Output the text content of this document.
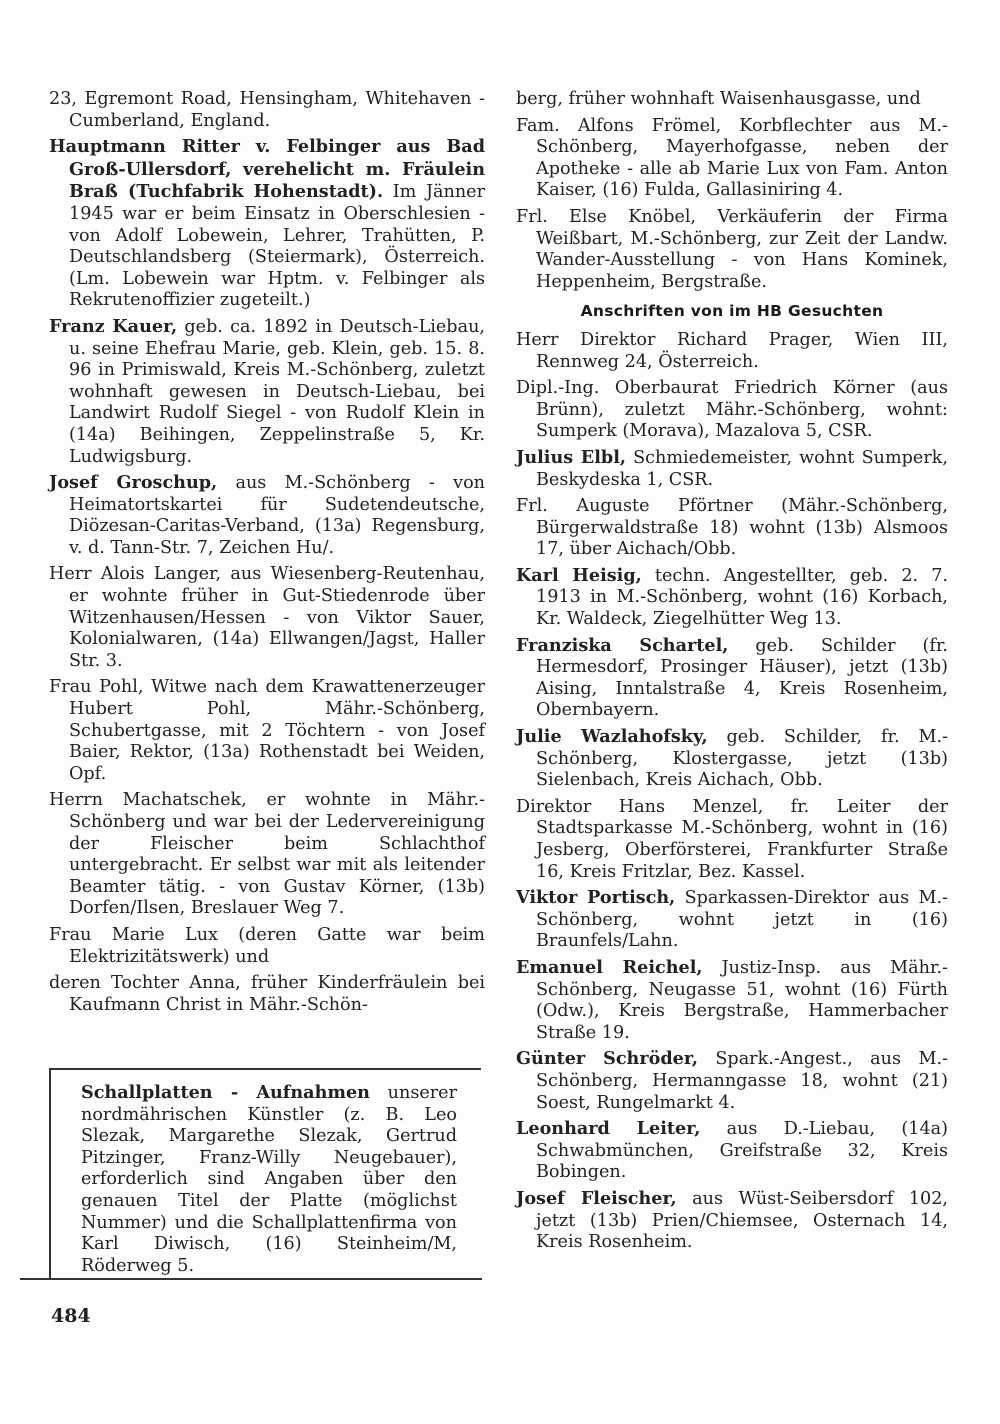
23, Egremont Road, Hensingham, Whitehaven - Cumberland, England.

Hauptmann Ritter v. Felbinger aus Bad Groß-Ullersdorf, verehelicht m. Fräulein Braß (Tuchfabrik Hohenstadt). Im Jänner 1945 war er beim Einsatz in Oberschlesien - von Adolf Lobewein, Lehrer, Trahütten, P. Deutschlandsberg (Steiermark), Österreich. (Lm. Lobewein war Hptm. v. Felbinger als Rekrutenoffizier zugeteilt.)

Franz Kauer, geb. ca. 1892 in Deutsch-Liebau, u. seine Ehefrau Marie, geb. Klein, geb. 15. 8. 96 in Primiswald, Kreis M.-Schönberg, zuletzt wohnhaft gewesen in Deutsch-Liebau, bei Landwirt Rudolf Siegel - von Rudolf Klein in (14a) Beihingen, Zeppelinstraße 5, Kr. Ludwigsburg.

Josef Groschup, aus M.-Schönberg - von Heimatortskartei für Sudetendeutsche, Diözesan-Caritas-Verband, (13a) Regensburg, v. d. Tann-Str. 7, Zeichen Hu/.

Herr Alois Langer, aus Wiesenberg-Reutenhau, er wohnte früher in Gut-Stiedenrode über Witzenhausen/Hessen - von Viktor Sauer, Kolonialwaren, (14a) Ellwangen/Jagst, Haller Str. 3.

Frau Pohl, Witwe nach dem Krawattenerzeuger Hubert Pohl, Mähr.-Schönberg, Schubertgasse, mit 2 Töchtern - von Josef Baier, Rektor, (13a) Rothenstadt bei Weiden, Opf.

Herrn Machatschek, er wohnte in Mähr.-Schönberg und war bei der Ledervereinigung der Fleischer beim Schlachthof untergebracht. Er selbst war mit als leitender Beamter tätig. - von Gustav Körner, (13b) Dorfen/Ilsen, Breslauer Weg 7.

Frau Marie Lux (deren Gatte war beim Elektrizitätswerk) und

deren Tochter Anna, früher Kinderfräulein bei Kaufmann Christ in Mähr.-Schön-

berg, früher wohnhaft Waisenhausgasse, und

Fam. Alfons Frömel, Korbflechter aus M.-Schönberg, Mayerhofgasse, neben der Apotheke - alle ab Marie Lux von Fam. Anton Kaiser, (16) Fulda, Gallasiniring 4.

Frl. Else Knöbel, Verkäuferin der Firma Weißbart, M.-Schönberg, zur Zeit der Landw. Wander-Ausstellung - von Hans Kominek, Heppenheim, Bergstraße.

Anschriften von im HB Gesuchten

Herr Direktor Richard Prager, Wien III, Rennweg 24, Österreich.

Dipl.-Ing. Oberbaurat Friedrich Körner (aus Brünn), zuletzt Mähr.-Schönberg, wohnt: Sumperk (Morava), Mazalova 5, CSR.

Julius Elbl, Schmiedemeister, wohnt Sumperk, Beskydeska 1, CSR.

Frl. Auguste Pförtner (Mähr.-Schönberg, Bürgerwaldstraße 18) wohnt (13b) Alsmoos 17, über Aichach/Obb.

Karl Heisig, techn. Angestellter, geb. 2. 7. 1913 in M.-Schönberg, wohnt (16) Korbach, Kr. Waldeck, Ziegelhütter Weg 13.

Franziska Schartel, geb. Schilder (fr. Hermesdorf, Prosinger Häuser), jetzt (13b) Aising, Inntalstraße 4, Kreis Rosenheim, Obernbayern.

Julie Wazlahofsky, geb. Schilder, fr. M.-Schönberg, Klostergasse, jetzt (13b) Sielenbach, Kreis Aichach, Obb.

Direktor Hans Menzel, fr. Leiter der Stadtsparkasse M.-Schönberg, wohnt in (16) Jesberg, Oberförsterei, Frankfurter Straße 16, Kreis Fritzlar, Bez. Kassel.

Viktor Portisch, Sparkassen-Direktor aus M.-Schönberg, wohnt jetzt in (16) Braunfels/Lahn.

Emanuel Reichel, Justiz-Insp. aus Mähr.-Schönberg, Neugasse 51, wohnt (16) Fürth (Odw.), Kreis Bergstraße, Hammerbacher Straße 19.

Günter Schröder, Spark.-Angest., aus M.-Schönberg, Hermanngasse 18, wohnt (21) Soest, Rungelmarkt 4.

Leonhard Leiter, aus D.-Liebau, (14a) Schwabmünchen, Greifstraße 32, Kreis Bobingen.

Josef Fleischer, aus Wüst-Seibersdorf 102, jetzt (13b) Prien/Chiemsee, Osternach 14, Kreis Rosenheim.

Schallplatten - Aufnahmen unserer nordmährischen Künstler (z. B. Leo Slezak, Margarethe Slezak, Gertrud Pitzinger, Franz-Willy Neugebauer), erforderlich sind Angaben über den genauen Titel der Platte (möglichst Nummer) und die Schallplattenfirma von Karl Diwisch, (16) Steinheim/M, Röderweg 5.
484
